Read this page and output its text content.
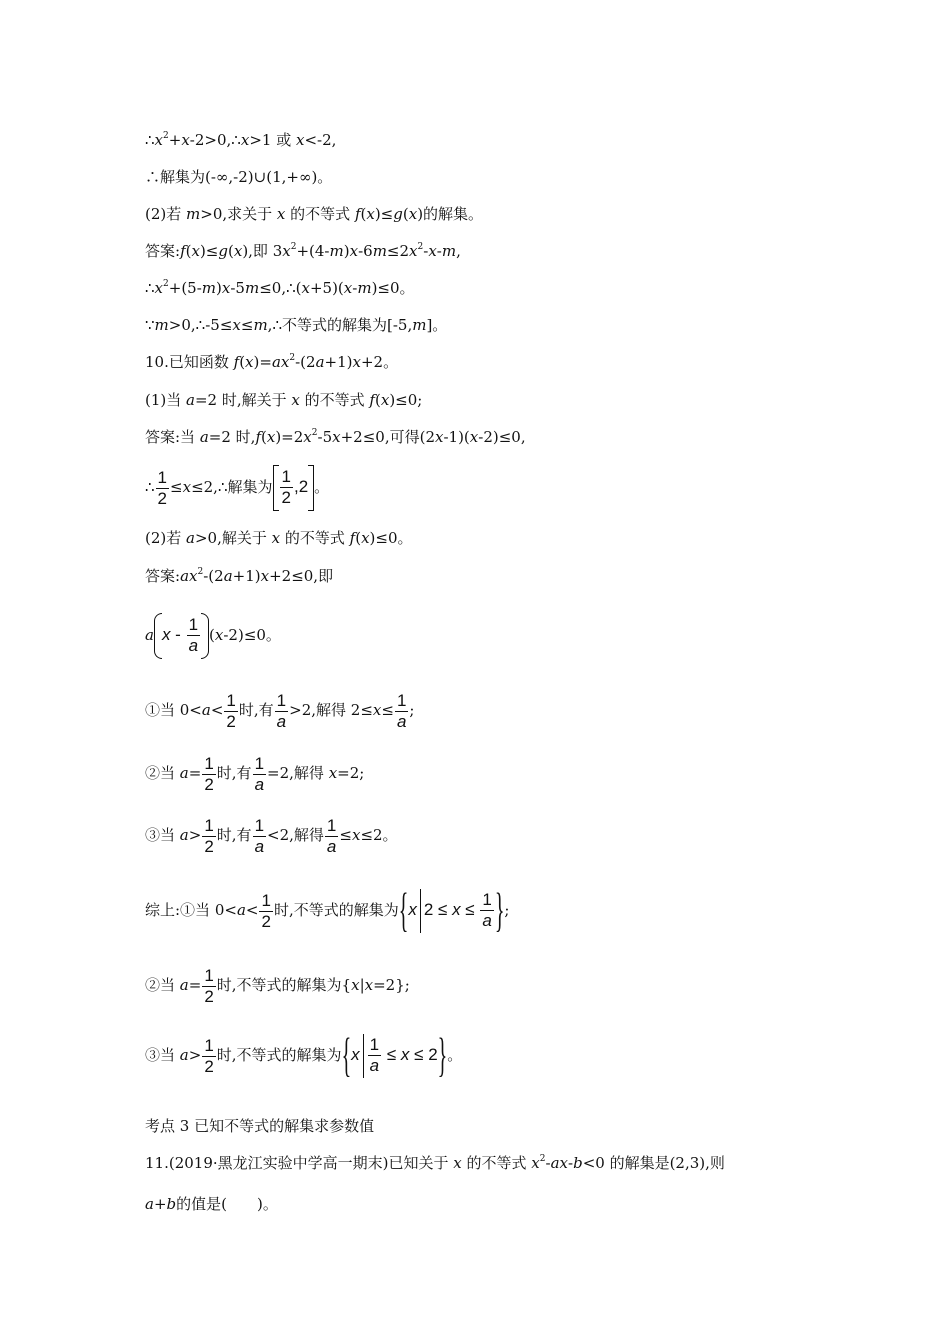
$\therefore x^2+x-2>0,\therefore x>1$ 或 x<-2,
∴解集为(-∞,-2)∪(1,+∞)。
(2)若 m>0,求关于 x 的不等式 f(x)≤g(x)的解集。
答案:f(x)≤g(x),即 $3x^2+(4-m)x-6m\le 2x^2-x-m$,
$\therefore x^2+(5-m)x-5m\le 0,\therefore(x+5)(x-m)\le 0$。
∵m>0,∴-5≤x≤m,∴不等式的解集为[-5,m]。
10.已知函数 $f(x)=ax^2-(2a+1)x+2$。
(1)当 a=2 时,解关于 x 的不等式 f(x)≤0;
答案:当 a=2 时$,f(x)=2x^2-5x+2\le 0$,可得(2x-1)(x-2)≤0,
∴ $\frac{1}{2}$ ≤x≤2,∴解集为 $\frac{1}{2} ,2$ 。
(2)若 a>0,解关于 x 的不等式 f(x)≤0。
答案$:ax^2-(2a+1)x+2\le 0$,即
a $x - \frac{1}{a} (x-2)\le 0$。
①当 $0<a< \frac{1}{2}$ 时,有 $\frac{1}{a} >2$,解得 $2\le x\le \frac{1}{a}$ ;
②当 $a= \frac{1}{2}$ 时,有 $\frac{1}{a} =2$,解得 x=2;
③当 $a> \frac{1}{2}$ 时,有 $\frac{1}{a} <2$,解得 $\frac{1}{a} \le x\le 2$。
综上:①当 $0<a< \frac{1}{2}$ 时,不等式的解集为{x $2 \le x \le \frac{1}{a}$ };
②当 $a= \frac{1}{2}$ 时,不等式的解集为{x|x=2};
③当 $a> \frac{1}{2}$ 时,不等式的解集为$\{x \frac{1}{a} \le x \le 2\}$。
考点 3 已知不等式的解集求参数值
11.(2019·黑龙江实验中学高一期末)已知关于 x 的不等式 $x^2-ax-b<0$ 的解集是(2,3),则
a+b的值是( )。
